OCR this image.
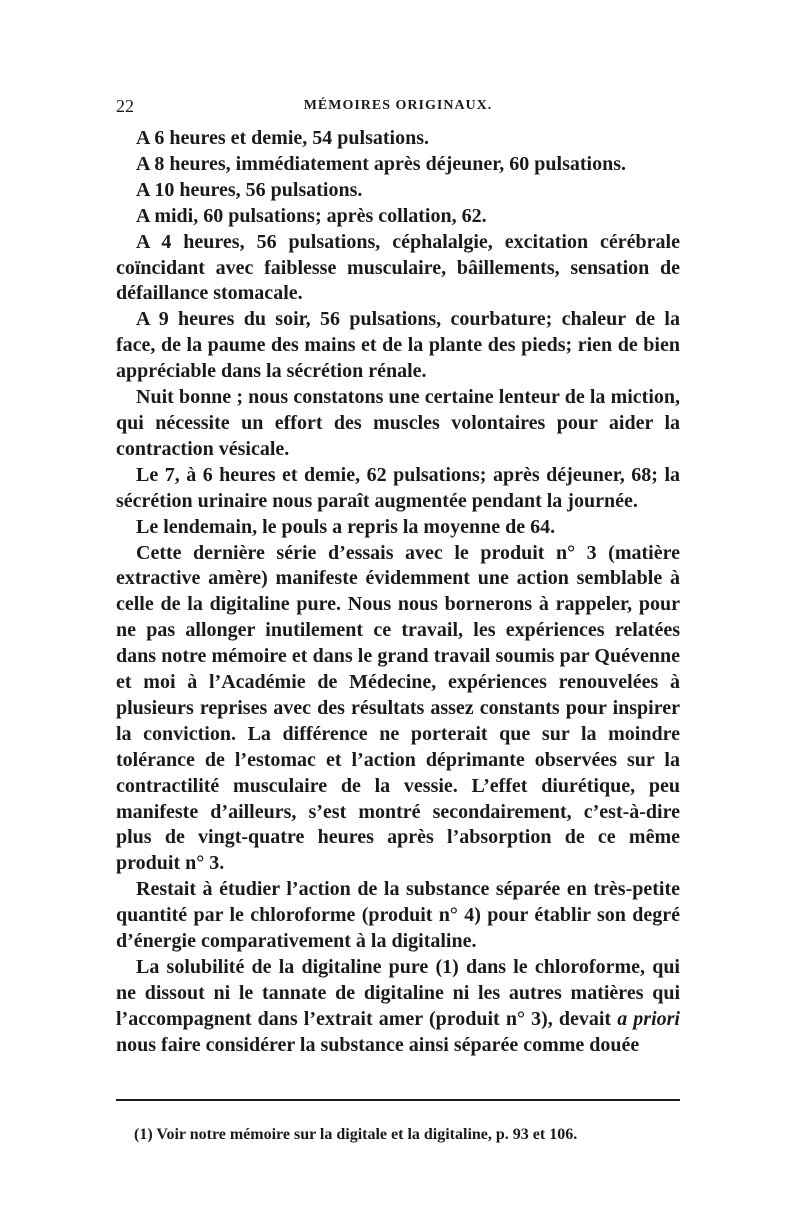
22	MÉMOIRES ORIGINAUX.

A 6 heures et demie, 54 pulsations.

A 8 heures, immédiatement après déjeuner, 60 pulsations.

A 10 heures, 56 pulsations.

A midi, 60 pulsations; après collation, 62.

A 4 heures, 56 pulsations, céphalalgie, excitation cérébrale coïncidant avec faiblesse musculaire, bâillements, sensation de défaillance stomacale.

A 9 heures du soir, 56 pulsations, courbature; chaleur de la face, de la paume des mains et de la plante des pieds; rien de bien appréciable dans la sécrétion rénale.

Nuit bonne ; nous constatons une certaine lenteur de la miction, qui nécessite un effort des muscles volontaires pour aider la contraction vésicale.

Le 7, à 6 heures et demie, 62 pulsations; après déjeuner, 68; la sécrétion urinaire nous paraît augmentée pendant la journée.

Le lendemain, le pouls a repris la moyenne de 64.

Cette dernière série d’essais avec le produit n° 3 (matière extractive amère) manifeste évidemment une action semblable à celle de la digitaline pure. Nous nous bornerons à rappeler, pour ne pas allonger inutilement ce travail, les expériences relatées dans notre mémoire et dans le grand travail soumis par Quévenne et moi à l’Académie de Médecine, expériences renouvelées à plusieurs reprises avec des résultats assez constants pour inspirer la conviction. La différence ne porterait que sur la moindre tolérance de l’estomac et l’action déprimante observées sur la contractilité musculaire de la vessie. L’effet diurétique, peu manifeste d’ailleurs, s’est montré secondairement, c’est-à-dire plus de vingt-quatre heures après l’absorption de ce même produit n° 3.

Restait à étudier l’action de la substance séparée en très-petite quantité par le chloroforme (produit n° 4) pour établir son degré d’énergie comparativement à la digitaline.

La solubilité de la digitaline pure (1) dans le chloroforme, qui ne dissout ni le tannate de digitaline ni les autres matières qui l’accompagnent dans l’extrait amer (produit n° 3), devait a priori nous faire considérer la substance ainsi séparée comme douée

(1) Voir notre mémoire sur la digitale et la digitaline, p. 93 et 106.
